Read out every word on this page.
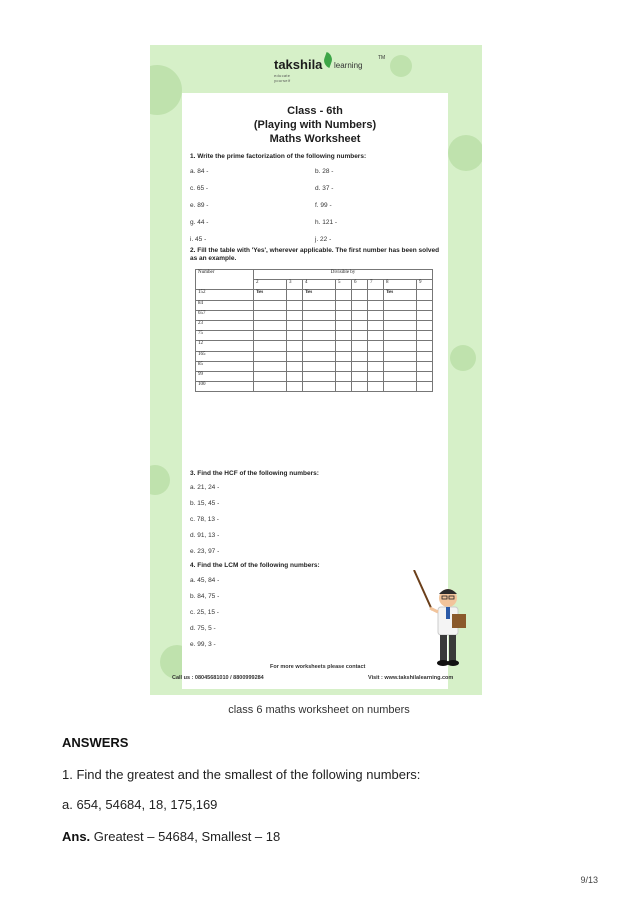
takshila learning
TM
educate yourself
Class - 6th
(Playing with Numbers)
Maths Worksheet
1. Write the prime factorization of the following numbers:
a. 84 -	b. 28 -
c. 65 -	d. 37 -
e. 89 -	f. 99 -
g. 44 -	h. 121 -
i. 45 -	j. 22 -
2. Fill the table with 'Yes', wherever applicable. The first number has been solved as an example.
Number	Divisible by							
	2	3	4	5	6	7	8	9
152	Yes		Yes				Yes	
84								
657								
23								
75								
12								
165								
85								
99								
100								
3. Find the HCF of the following numbers:
a. 21, 24 -
b. 15, 45 -
c. 78, 13 -
d. 91, 13 -
e. 23, 97 -
4. Find the LCM of the following numbers:
a. 45, 84 -
b. 84, 75 -
c. 25, 15 -
d. 75, 5 -
e. 99, 3 -
For more worksheets please contact
Call us : 08045681010 / 8800999284	Visit : www.takshilalearning.com
class 6 maths worksheet on numbers
ANSWERS
1. Find the greatest and the smallest of the following numbers:
a. 654, 54684, 18, 175,169
Ans. Greatest – 54684, Smallest – 18
9/13
